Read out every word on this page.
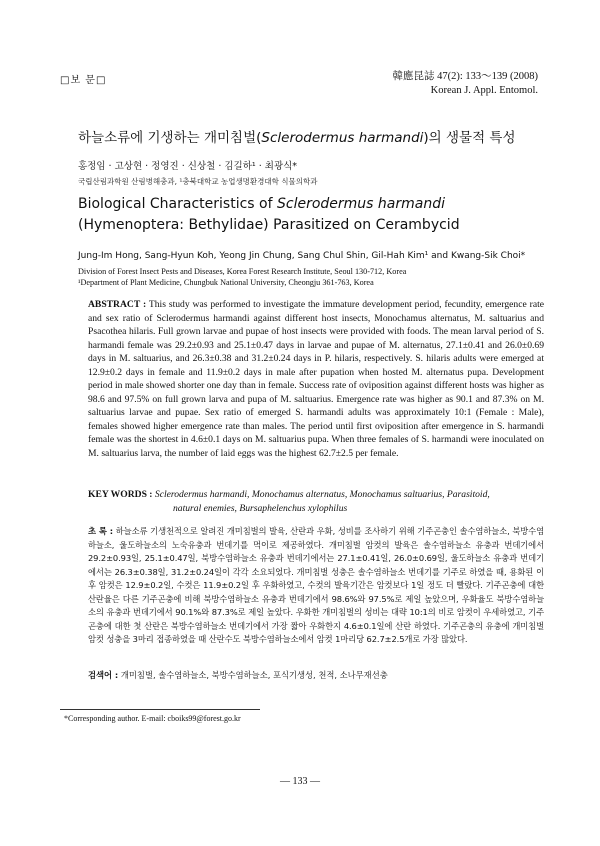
□보 문□	韓應昆誌 47(2): 133～139 (2008)
Korean J. Appl. Entomol.
하늘소류에 기생하는 개미침벌(Sclerodermus harmandi)의 생물적 특성
홍정임 · 고상현 · 정영진 · 신상철 · 김길하¹ · 최광식*
국립산림과학원 산림병해충과, ¹충북대학교 농업생명환경대학 식물의학과
Biological Characteristics of Sclerodermus harmandi (Hymenoptera: Bethylidae) Parasitized on Cerambycid
Jung-Im Hong, Sang-Hyun Koh, Yeong Jin Chung, Sang Chul Shin, Gil-Hah Kim¹ and Kwang-Sik Choi*
Division of Forest Insect Pests and Diseases, Korea Forest Research Institute, Seoul 130-712, Korea
¹Department of Plant Medicine, Chungbuk National University, Cheongju 361-763, Korea
ABSTRACT : This study was performed to investigate the immature development period, fecundity, emergence rate and sex ratio of Sclerodermus harmandi against different host insects, Monochamus alternatus, M. saltuarius and Psacothea hilaris. Full grown larvae and pupae of host insects were provided with foods. The mean larval period of S. harmandi female was 29.2±0.93 and 25.1±0.47 days in larvae and pupae of M. alternatus, 27.1±0.41 and 26.0±0.69 days in M. saltuarius, and 26.3±0.38 and 31.2±0.24 days in P. hilaris, respectively. S. hilaris adults were emerged at 12.9±0.2 days in female and 11.9±0.2 days in male after pupation when hosted M. alternatus pupa. Development period in male showed shorter one day than in female. Success rate of oviposition against different hosts was higher as 98.6 and 97.5% on full grown larva and pupa of M. saltuarius. Emergence rate was higher as 90.1 and 87.3% on M. saltuarius larvae and pupae. Sex ratio of emerged S. harmandi adults was approximately 10:1 (Female : Male), females showed higher emergence rate than males. The period until first oviposition after emergence in S. harmandi female was the shortest in 4.6±0.1 days on M. saltuarius pupa. When three females of S. harmandi were inoculated on M. saltuarius larva, the number of laid eggs was the highest 62.7±2.5 per female.
KEY WORDS : Sclerodermus harmandi, Monochamus alternatus, Monochamus saltuarius, Parasitoid,
natural enemies, Bursaphelenchus xylophilus
초 록 : 하늘소류 기생천적으로 알려진 개미침벌의 발육, 산란과 우화, 성비를 조사하기 위해 기주곤충인 솔수염하늘소, 북방수염하늘소, 울도하늘소의 노숙유충과 번데기를 먹이로 제공하였다. 개미침벌 암컷의 발육은 솔수염하늘소 유충과 번데기에서 29.2±0.93일, 25.1±0.47일, 북방수염하늘소 유충과 번데기에서는 27.1±0.41일, 26.0±0.69일, 울도하늘소 유충과 번데기에서는 26.3±0.38일, 31.2±0.24일이 각각 소요되었다. 개미침벌 성충은 솔수염하늘소 번데기를 기주로 하였을 때, 용화된 이후 암컷은 12.9±0.2일, 수컷은 11.9±0.2일 후 우화하였고, 수컷의 발육기간은 암컷보다 1일 정도 더 빨랐다. 기주곤충에 대한 산란율은 다른 기주곤충에 비해 북방수염하늘소 유충과 번데기에서 98.6%와 97.5%로 제일 높았으며, 우화율도 북방수염하늘소의 유충과 번데기에서 90.1%와 87.3%로 제일 높았다. 우화한 개미침벌의 성비는 대략 10:1의 비로 암컷이 우세하였고, 기주곤충에 대한 첫 산란은 북방수염하늘소 번데기에서 가장 짧아 우화한지 4.6±0.1일에 산란 하였다. 기주곤충의 유충에 개미침벌 암컷 성충을 3마리 접종하였을 때 산란수도 북방수염하늘소에서 암컷 1마리당 62.7±2.5개로 가장 많았다.
검색어 : 개미침벌, 솔수염하늘소, 북방수염하늘소, 포식기생성, 천적, 소나무재선충
*Corresponding author. E-mail: cboiks99@forest.go.kr
— 133 —
